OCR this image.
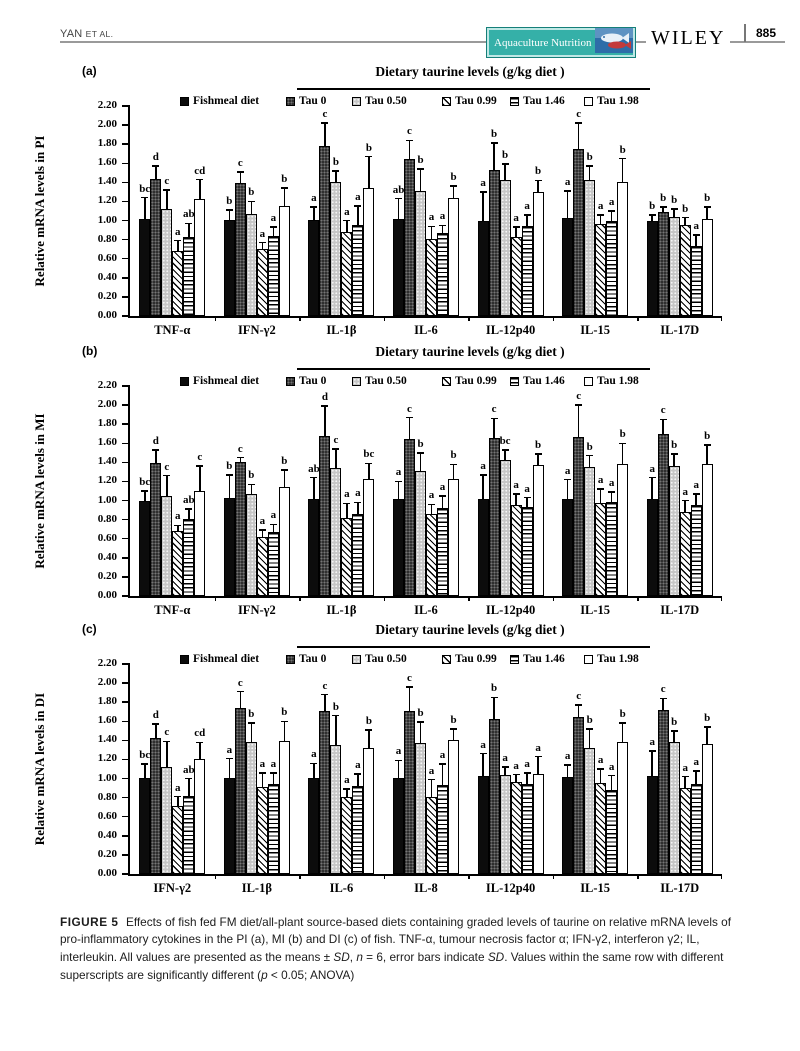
YAN ET AL.
Aquaculture Nutrition	WILEY	885
(a)	Dietary taurine levels (g/kg diet )
Fishmeal diet	Tau 0	Tau 0.50	Tau 0.99 Tau 1.46	Tau 1.98
Relative mRNA levels in PI
0.00
0.20
0.40
0.60
0.80
1.00
1.20
1.40
1.60
1.80
2.00
2.20
TNF-α	IFN-γ2	IL-1β	IL-6	IL-12p40	IL-15	IL-17D
bc
b	a
ab
a	a
b
d	c
c
c	b
c
b
c
b
b	b	b	b
b
a	a
a	a	a
a	b
ab	a
a
a
a	a
a
cd
b
b
b	b
b
b
(b)	Dietary taurine levels (g/kg diet )
Fishmeal diet	Tau 0	Tau 0.50	Tau 0.99 Tau 1.46	Tau 1.98
Relative mRNA levels in MI
0.00
0.20
0.40
0.60
0.80
1.00
1.20
1.40
1.60
1.80
2.00
2.20
TNF-α	IFN-γ2	IL-1β	IL-6	IL-12p40	IL-15	IL-17D
bc
b	ab	a
a	a	a
d
c
d
c	c
c
c
c
b
c	b	bc	b	b
a	a
a	a
a	a
a
ab
a
a
a	a	a	a
c	b
bc	b
b
b	b
(c)	Dietary taurine levels (g/kg diet )
Fishmeal diet	Tau 0	Tau 0.50	Tau 0.99 Tau 1.46	Tau 1.98
Relative mRNA levels in DI
0.00
0.20
0.40
0.60
0.80
1.00
1.20
1.40
1.60
1.80
2.00
2.20
IFN-γ2	IL-1β	IL-6	IL-8	IL-12p40	IL-15	IL-17D
bc	a	a	a
a
a
a
d
c	c
c
b
c
c
c
b
b
b
a
b	b
a
a
a
a	a	a
a
ab	a	a
a
a	a	a
cd
b
b	b
a
b	b

FIGURE 5  Effects of fish fed FM diet/all-plant source-based diets containing graded levels of taurine on relative mRNA levels of pro-inflammatory cytokines in the PI (a), MI (b) and DI (c) of fish. TNF-α, tumour necrosis factor α; IFN-γ2, interferon γ2; IL, interleukin. All values are presented as the means ± SD, n = 6, error bars indicate SD. Values within the same row with different superscripts are significantly different (p < 0.05; ANOVA)
